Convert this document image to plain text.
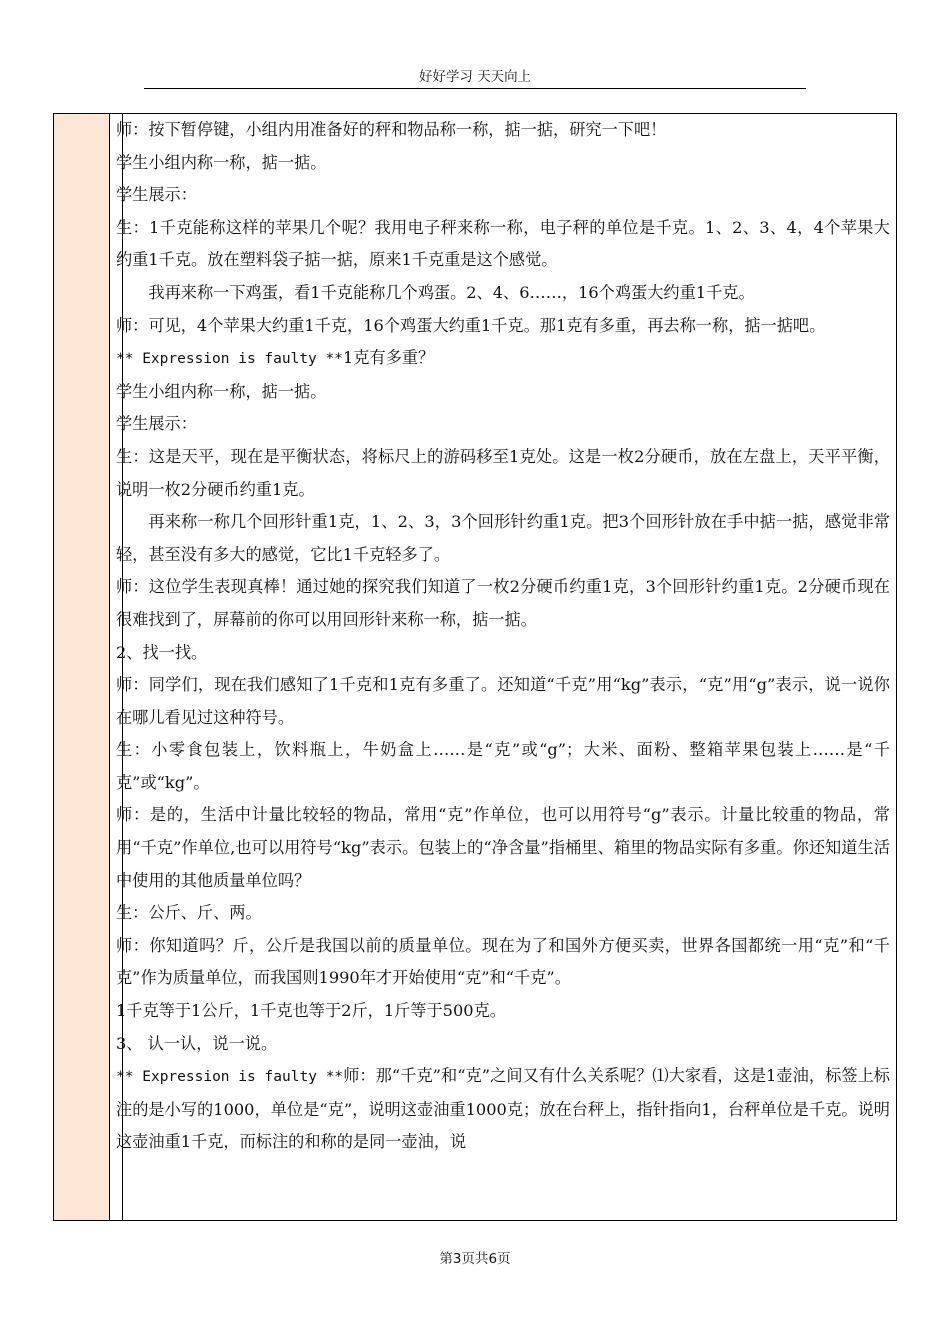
好好学习 天天向上

师：按下暂停键，小组内用准备好的秤和物品称一称，掂一掂，研究一下吧！

学生小组内称一称，掂一掂。

学生展示：

生：1千克能称这样的苹果几个呢？我用电子秤来称一称，电子秤的单位是千克。1、2、3、4，4个苹果大约重1千克。放在塑料袋子掂一掂，原来1千克重是这个感觉。

我再来称一下鸡蛋，看1千克能称几个鸡蛋。2、4、6……，16个鸡蛋大约重1千克。

师：可见，4个苹果大约重1千克，16个鸡蛋大约重1千克。那1克有多重，再去称一称，掂一掂吧。

** Expression is faulty **1克有多重？

学生小组内称一称，掂一掂。

学生展示：

生：这是天平，现在是平衡状态，将标尺上的游码移至1克处。这是一枚2分硬币，放在左盘上，天平平衡，说明一枚2分硬币约重1克。

再来称一称几个回形针重1克，1、2、3，3个回形针约重1克。把3个回形针放在手中掂一掂，感觉非常轻，甚至没有多大的感觉，它比1千克轻多了。

师：这位学生表现真棒！通过她的探究我们知道了一枚2分硬币约重1克，3个回形针约重1克。2分硬币现在很难找到了，屏幕前的你可以用回形针来称一称，掂一掂。

2、找一找。

师：同学们，现在我们感知了1千克和1克有多重了。还知道“千克”用“kg”表示，“克”用“g”表示，说一说你在哪儿看见过这种符号。

生：小零食包装上，饮料瓶上，牛奶盒上……是“克”或“g”；大米、面粉、整箱苹果包装上……是“千克”或“kg”。

师：是的，生活中计量比较轻的物品，常用“克”作单位，也可以用符号“g”表示。计量比较重的物品，常用“千克”作单位,也可以用符号“kg”表示。包装上的“净含量”指桶里、箱里的物品实际有多重。你还知道生活中使用的其他质量单位吗？

生：公斤、斤、两。

师：你知道吗？斤，公斤是我国以前的质量单位。现在为了和国外方便买卖，世界各国都统一用“克”和“千克”作为质量单位，而我国则1990年才开始使用“克”和“千克”。

1千克等于1公斤，1千克也等于2斤，1斤等于500克。

3、 认一认，说一说。

** Expression is faulty **师：那“千克”和“克”之间又有什么关系呢？⑴大家看，这是1壶油，标签上标注的是小写的1000，单位是“克”，说明这壶油重1000克；放在台秤上，指针指向1，台秤单位是千克。说明这壶油重1千克，而标注的和称的是同一壶油，说

第3页共6页
